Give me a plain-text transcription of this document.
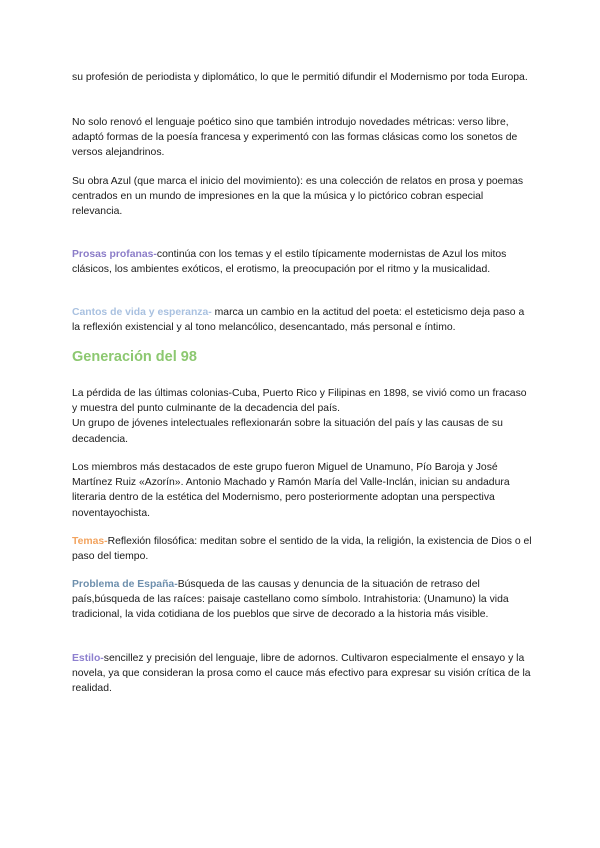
su profesión de periodista y diplomático, lo que le permitió difundir el Modernismo por toda Europa.

No solo renovó el lenguaje poético sino que también introdujo novedades métricas: verso libre, adaptó formas de la poesía francesa y experimentó con las formas clásicas como los sonetos de versos alejandrinos.

Su obra Azul (que marca el inicio del movimiento): es una colección de relatos en prosa y poemas centrados en un mundo de impresiones en la que la música y lo pictórico cobran especial relevancia.

Prosas profanas-continúa con los temas y el estilo típicamente modernistas de Azul los mitos clásicos, los ambientes exóticos, el erotismo, la preocupación por el ritmo y la musicalidad.

Cantos de vida y esperanza- marca un cambio en la actitud del poeta: el esteticismo deja paso a la reflexión existencial y al tono melancólico, desencantado, más personal e íntimo.

Generación del 98

La pérdida de las últimas colonias-Cuba, Puerto Rico y Filipinas en 1898, se vivió como un fracaso y muestra del punto culminante de la decadencia del país.

Un grupo de jóvenes intelectuales reflexionarán sobre la situación del país y las causas de su decadencia.

Los miembros más destacados de este grupo fueron Miguel de Unamuno, Pío Baroja y José Martínez Ruiz «Azorín». Antonio Machado y Ramón María del Valle-Inclán, inician su andadura literaria dentro de la estética del Modernismo, pero posteriormente adoptan una perspectiva noventayochista.

Temas-Reflexión filosófica: meditan sobre el sentido de la vida, la religión, la existencia de Dios o el paso del tiempo.

Problema de España-Búsqueda de las causas y denuncia de la situación de retraso del país,búsqueda de las raíces: paisaje castellano como símbolo. Intrahistoria: (Unamuno) la vida tradicional, la vida cotidiana de los pueblos que sirve de decorado a la historia más visible.

Estilo-sencillez y precisión del lenguaje, libre de adornos. Cultivaron especialmente el ensayo y la novela, ya que consideran la prosa como el cauce más efectivo para expresar su visión crítica de la realidad.
